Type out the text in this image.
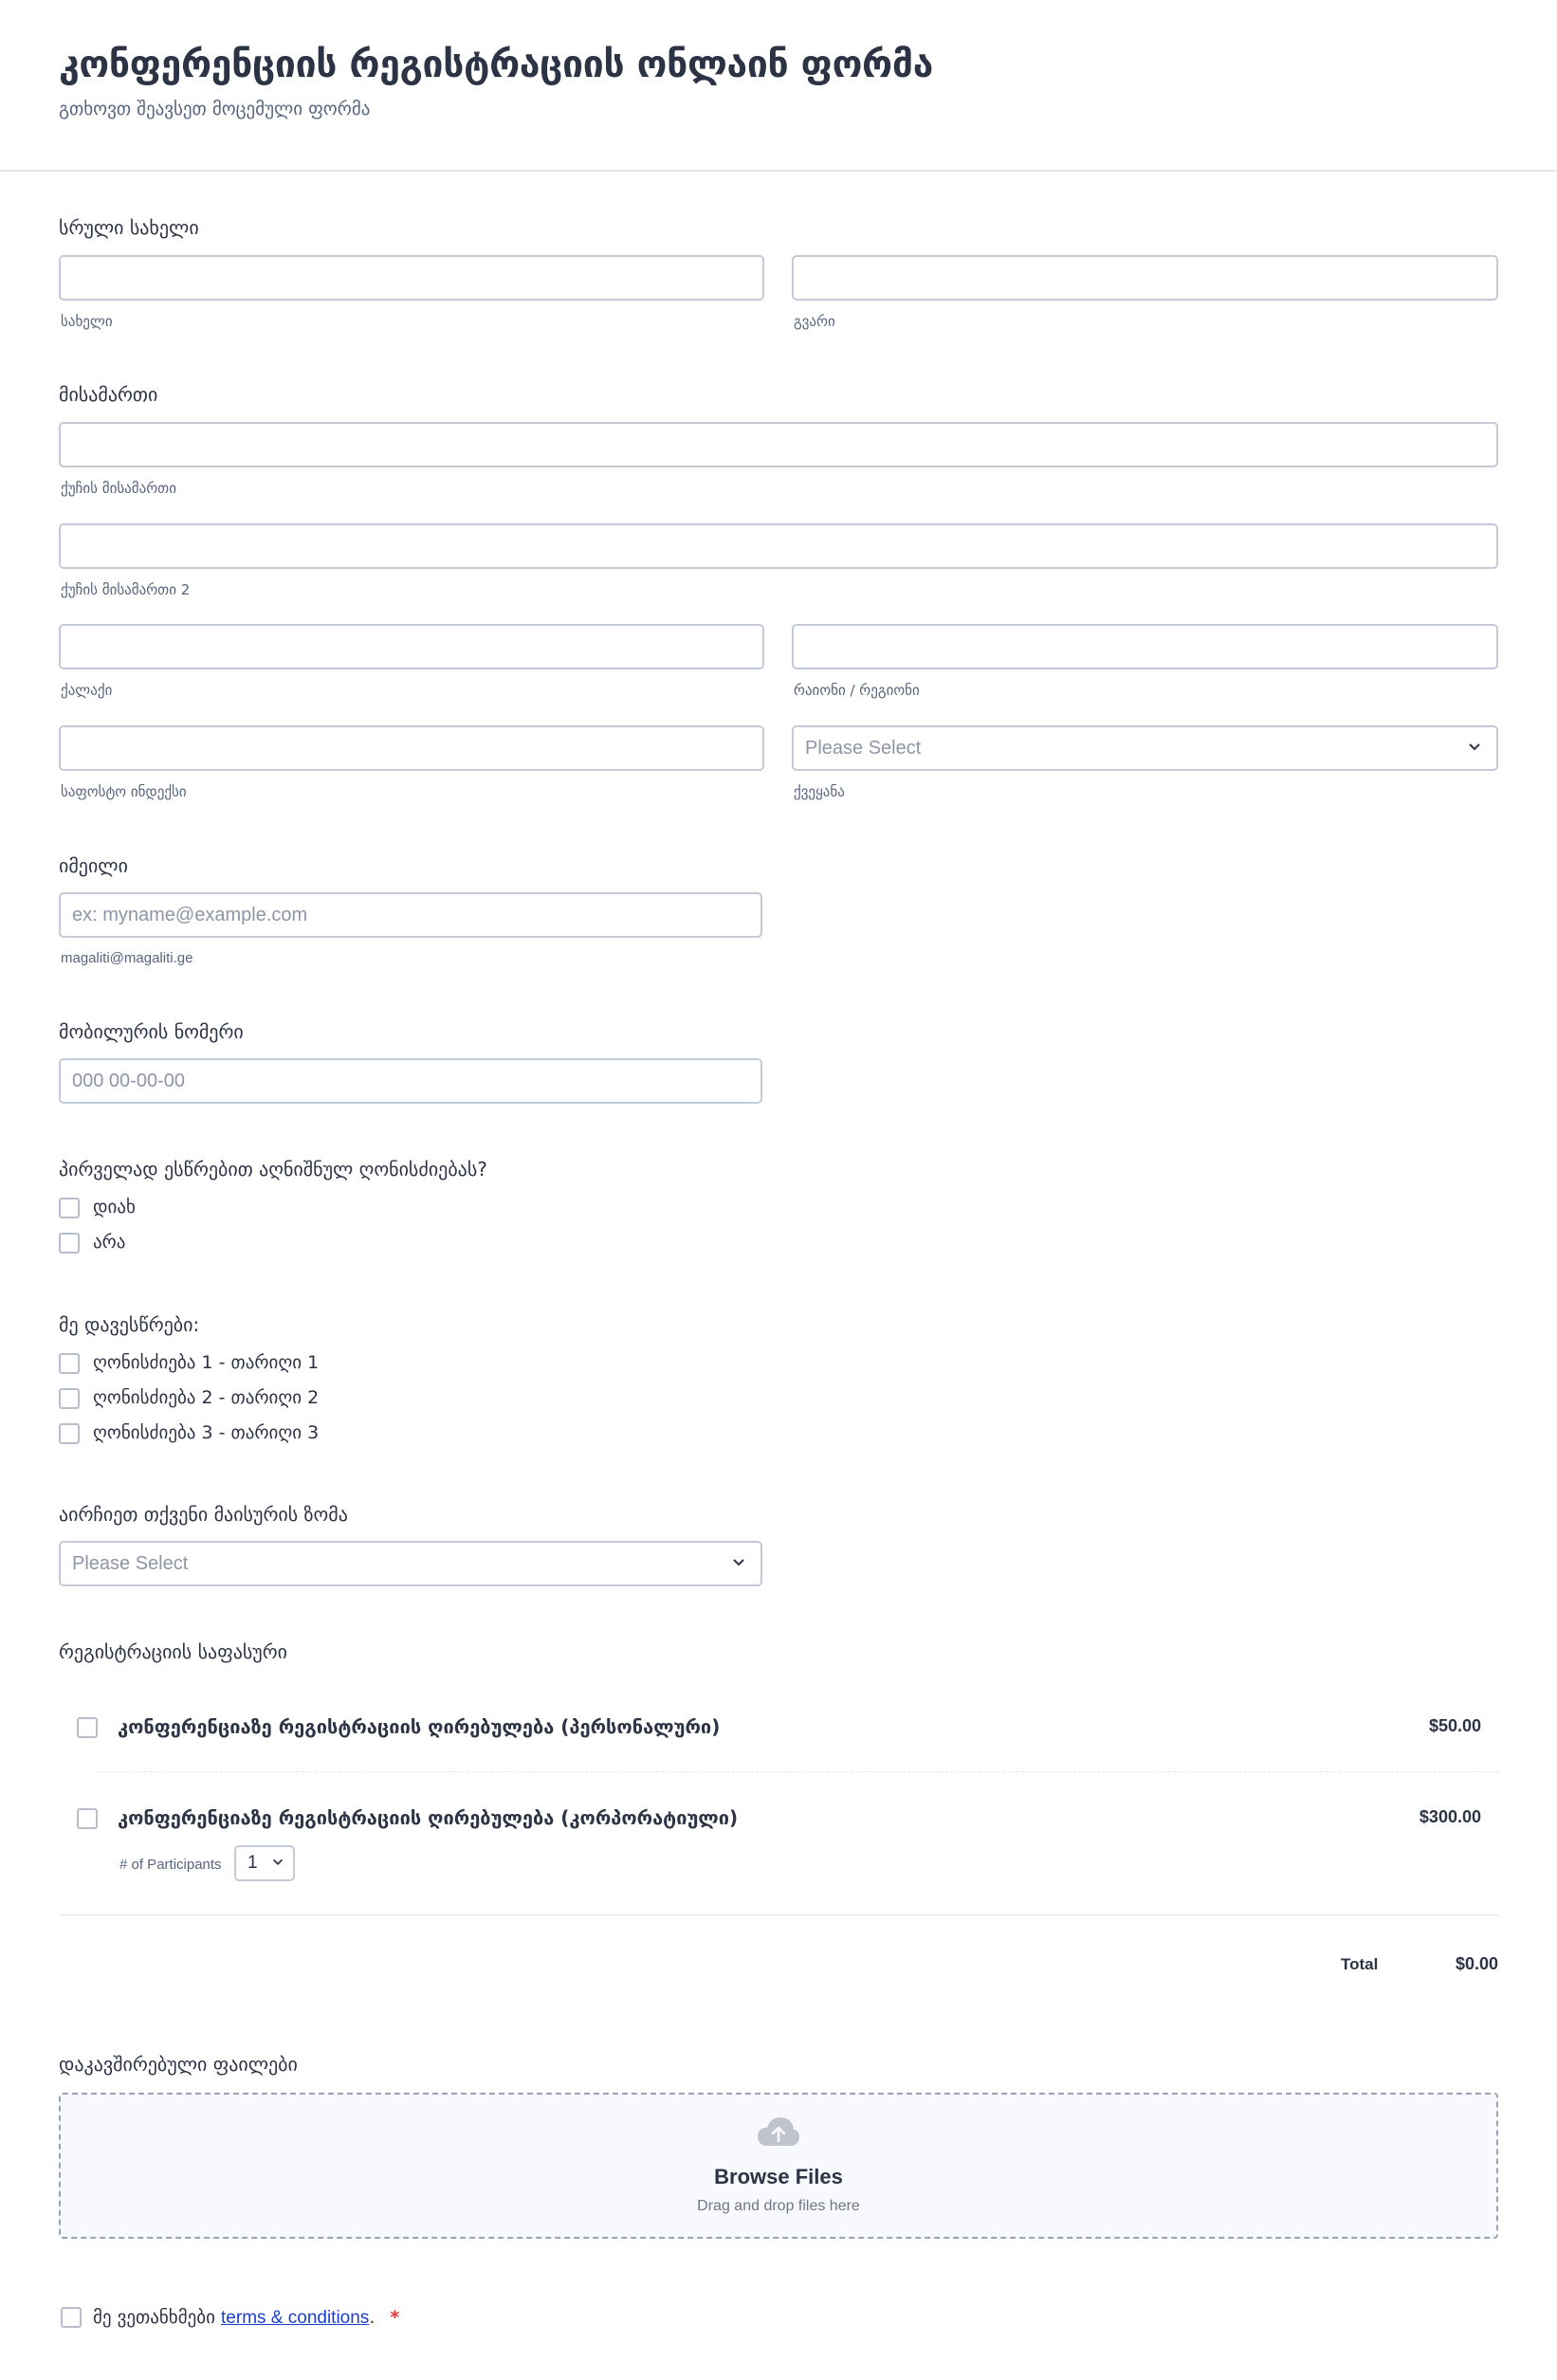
კონფერენციის რეგისტრაციის ონლაინ ფორმა
გთხოვთ შეავსეთ მოცემული ფორმა
სრული სახელი
სახელი	გვარი
მისამართი
ქუჩის მისამართი
ქუჩის მისამართი 2
ქალაქი	რაიონი / რეგიონი
Please Select
საფოსტო ინდექსი	ქვეყანა
იმეილი
ex: myname@example.com
magaliti@magaliti.ge
მობილურის ნომერი
000 00-00-00
პირველად ესწრებით აღნიშნულ ღონისძიებას?
დიახ
არა
მე დავესწრები:
ღონისძიება 1 - თარიღი 1
ღონისძიება 2 - თარიღი 2
ღონისძიება 3 - თარიღი 3
აირჩიეთ თქვენი მაისურის ზომა
Please Select
რეგისტრაციის საფასური
კონფერენციაზე რეგისტრაციის ღირებულება (პერსონალური)	$50.00
კონფერენციაზე რეგისტრაციის ღირებულება (კორპორატიული)	$300.00
# of Participants	1
Total	$0.00
დაკავშირებული ფაილები
Browse Files
Drag and drop files here
მე ვეთანხმები terms & conditions. *
